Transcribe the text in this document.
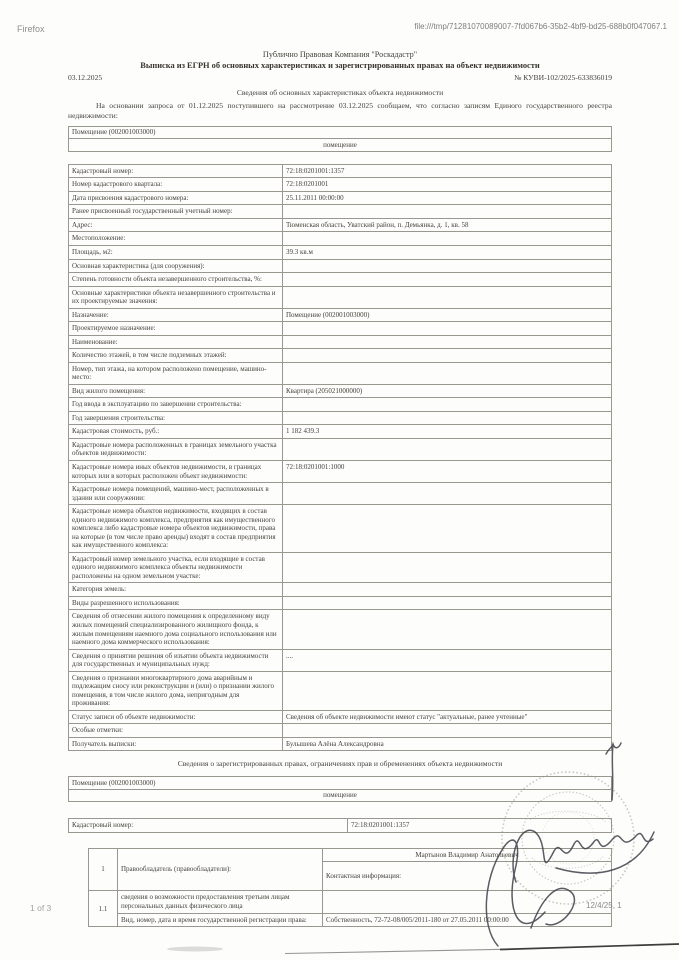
Firefox	file:///tmp/71281070089007-7fd067b6-35b2-4bf9-bd25-688b0f047067.1
Публично Правовая Компания "Роскадастр"
Выписка из ЕГРН об основных характеристиках и зарегистрированных правах на объект недвижимости
03.12.2025	№ КУВИ-102/2025-633836019
Сведения об основных характеристиках объекта недвижимости
На основании запроса от 01.12.2025 поступившего на рассмотрение 03.12.2025 сообщаем, что согласно записям Единого государственного реестра недвижимости:
Помещение (002001003000)
помещение
Кадастровый номер:	72:18:0201001:1357
Номер кадастрового квартала:	72:18:0201001
Дата присвоения кадастрового номера:	25.11.2011 00:00:00
Ранее присвоенный государственный учетный номер:	
Адрес:	Тюменская область, Уватский район, п. Демьянка, д. 1, кв. 58
Местоположение:	
Площадь, м2:	39.3 кв.м
Основная характеристика (для сооружения):	
Степень готовности объекта незавершенного строительства, %:	
Основные характеристики объекта незавершенного строительства и их проектируемые значения:	
Назначение:	Помещение (002001003000)
Проектируемое назначение:	
Наименование:	
Количество этажей, в том числе подземных этажей:	
Номер, тип этажа, на котором расположено помещение, машино-место:	
Вид жилого помещения:	Квартира (205021000000)
Год ввода в эксплуатацию по завершении строительства:	
Год завершения строительства:	
Кадастровая стоимость, руб.:	1 182 439.3
Кадастровые номера расположенных в границах земельного участка объектов недвижимости:	
Кадастровые номера иных объектов недвижимости, в границах которых или в которых расположен объект недвижимости:	72:18:0201001:1000
Кадастровые номера помещений, машино-мест, расположенных в здании или сооружении:	
Кадастровые номера объектов недвижимости, входящих в состав единого недвижимого комплекса, предприятия как имущественного комплекса либо кадастровые номера объектов недвижимости, права на которые (в том числе право аренды) входят в состав предприятия как имущественного комплекса:	
Кадастровый номер земельного участка, если входящие в состав единого недвижимого комплекса объекты недвижимости расположены на одном земельном участке:	
Категория земель:	
Виды разрешенного использования:	
Сведения об отнесении жилого помещения к определенному виду жилых помещений специализированного жилищного фонда, к жилым помещениям наемного дома социального использования или наемного дома коммерческого использования:	
Сведения о принятии решения об изъятии объекта недвижимости для государственных и муниципальных нужд:	....
Сведения о признании многоквартирного дома аварийным и подлежащим сносу или реконструкции и (или) о признании жилого помещения, в том числе жилого дома, непригодным для проживания:	
Статус записи об объекте недвижимости:	Сведения об объекте недвижимости имеют статус "актуальные, ранее учтенные"
Особые отметки:	
Получатель выписки:	Булышева Алёна Александровна
Сведения о зарегистрированных правах, ограничениях прав и обременениях объекта недвижимости
Помещение (002001003000)
помещение
Кадастровый номер:	72:18:0201001:1357
1	Правообладатель (правообладатели):	Мартынов Владимир Анатольевич
		Контактная информация:
1.1	сведения о возможности предоставления третьим лицам персональных данных физического лица	
	Вид, номер, дата и время государственной регистрации права:	Собственность, 72-72-08/005/2011-180 от 27.05.2011 00:00:00
1 of 3	12/4/25, 1
